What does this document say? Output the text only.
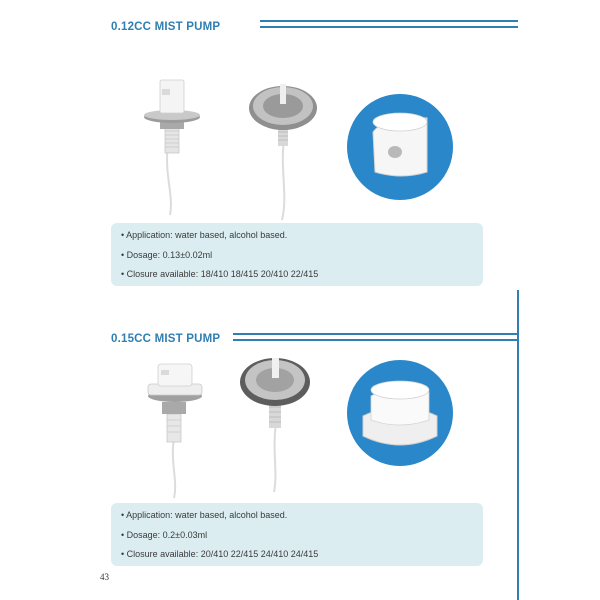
0.12CC MIST PUMP
• Application: water based, alcohol based.
• Dosage: 0.13±0.02ml
• Closure available: 18/410 18/415 20/410 22/415
0.15CC MIST PUMP
• Application: water based, alcohol based.
• Dosage: 0.2±0.03ml
• Closure available: 20/410 22/415 24/410 24/415
43
